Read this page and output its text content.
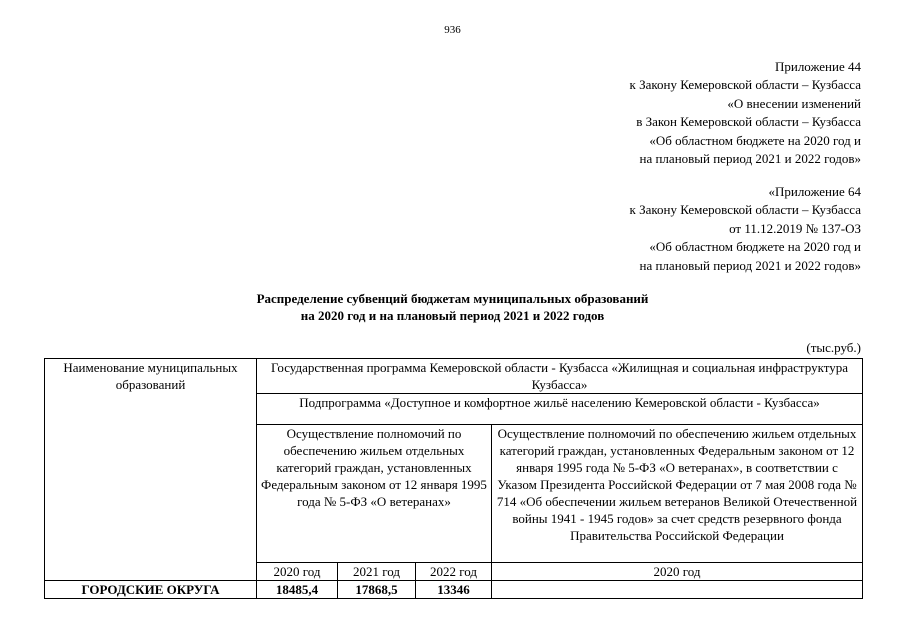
936
Приложение 44
к Закону Кемеровской области – Кузбасса
«О внесении изменений
в Закон Кемеровской области – Кузбасса
«Об областном бюджете на 2020 год и
на плановый период 2021 и 2022 годов»
«Приложение 64
к Закону Кемеровской области – Кузбасса
от 11.12.2019 № 137-ОЗ
«Об областном бюджете на 2020 год и
на плановый период 2021 и 2022 годов»
Распределение субвенций бюджетам муниципальных образований
на 2020 год и на плановый период 2021 и 2022 годов
(тыс.руб.)
Наименование муниципальных образований	Государственная программа Кемеровской области - Кузбасса «Жилищная и социальная инфраструктура Кузбасса»			
	Подпрограмма «Доступное и комфортное жильё населению Кемеровской области - Кузбасса»			
	Осуществление полномочий по обеспечению жильем отдельных категорий граждан, установленных Федеральным законом от 12 января 1995 года № 5-ФЗ «О ветеранах»			Осуществление полномочий по обеспечению жильем отдельных категорий граждан, установленных Федеральным законом от 12 января 1995 года № 5-ФЗ «О ветеранах», в соответствии с Указом Президента Российской Федерации от 7 мая 2008 года № 714 «Об обеспечении жильем ветеранов Великой Отечественной войны 1941 - 1945 годов» за счет средств резервного фонда Правительства Российской Федерации
	2020 год	2021 год	2022 год	2020 год
ГОРОДСКИЕ ОКРУГА	18485,4	17868,5	13346	
